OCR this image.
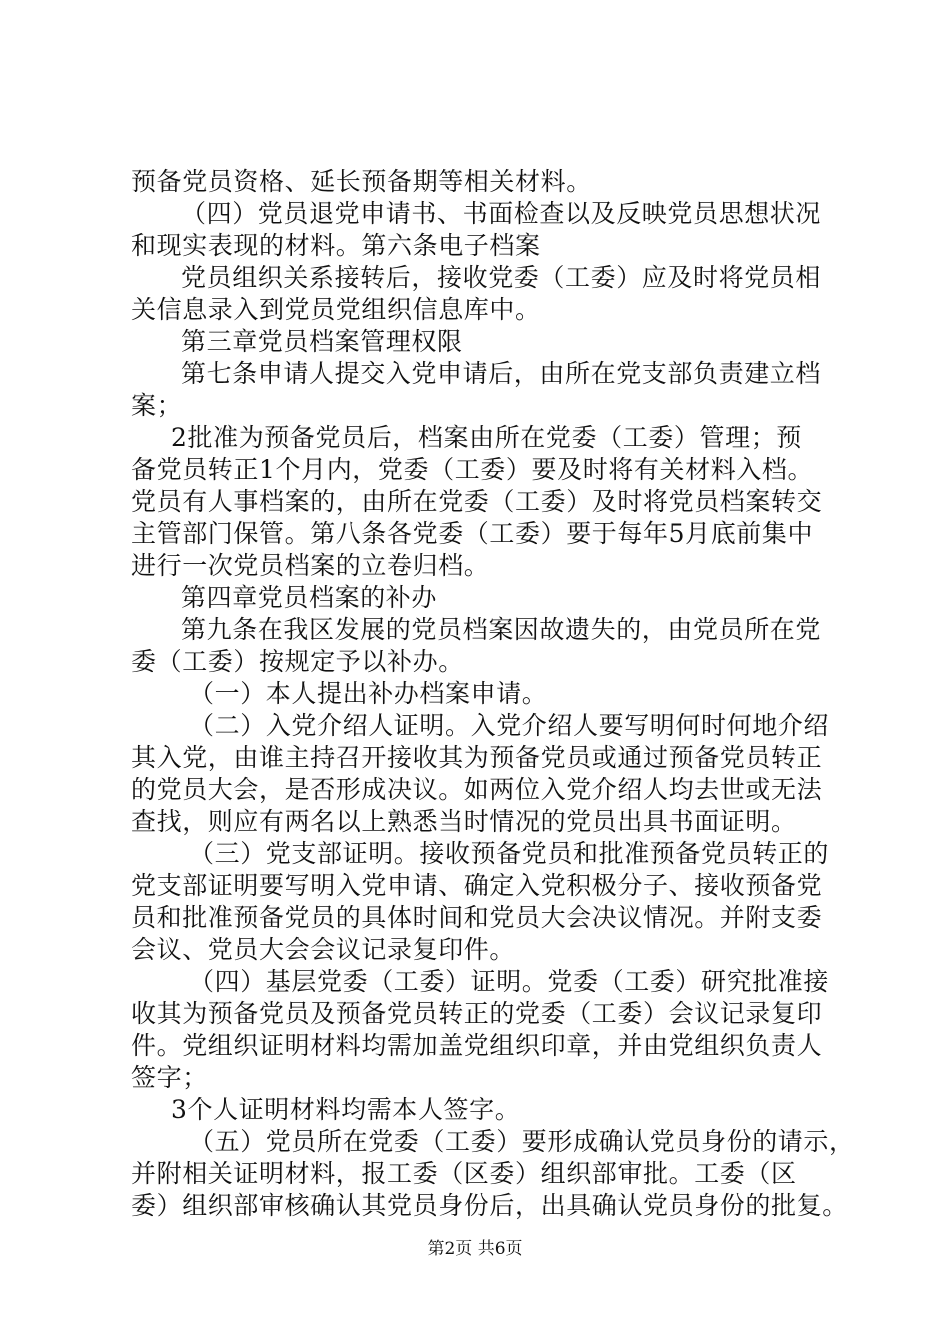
预备党员资格、延长预备期等相关材料。
（四）党员退党申请书、书面检查以及反映党员思想状况
和现实表现的材料。第六条电子档案
党员组织关系接转后，接收党委（工委）应及时将党员相
关信息录入到党员党组织信息库中。
第三章党员档案管理权限
第七条申请人提交入党申请后，由所在党支部负责建立档
案；
2批准为预备党员后，档案由所在党委（工委）管理；预
备党员转正1个月内，党委（工委）要及时将有关材料入档。
党员有人事档案的，由所在党委（工委）及时将党员档案转交
主管部门保管。第八条各党委（工委）要于每年5月底前集中
进行一次党员档案的立卷归档。
第四章党员档案的补办
第九条在我区发展的党员档案因故遗失的，由党员所在党
委（工委）按规定予以补办。
（一）本人提出补办档案申请。
（二）入党介绍人证明。入党介绍人要写明何时何地介绍
其入党，由谁主持召开接收其为预备党员或通过预备党员转正
的党员大会，是否形成决议。如两位入党介绍人均去世或无法
查找，则应有两名以上熟悉当时情况的党员出具书面证明。
（三）党支部证明。接收预备党员和批准预备党员转正的
党支部证明要写明入党申请、确定入党积极分子、接收预备党
员和批准预备党员的具体时间和党员大会决议情况。并附支委
会议、党员大会会议记录复印件。
（四）基层党委（工委）证明。党委（工委）研究批准接
收其为预备党员及预备党员转正的党委（工委）会议记录复印
件。党组织证明材料均需加盖党组织印章，并由党组织负责人
签字；
3个人证明材料均需本人签字。
（五）党员所在党委（工委）要形成确认党员身份的请示，
并附相关证明材料，报工委（区委）组织部审批。工委（区
委）组织部审核确认其党员身份后，出具确认党员身份的批复。
第2页 共6页
